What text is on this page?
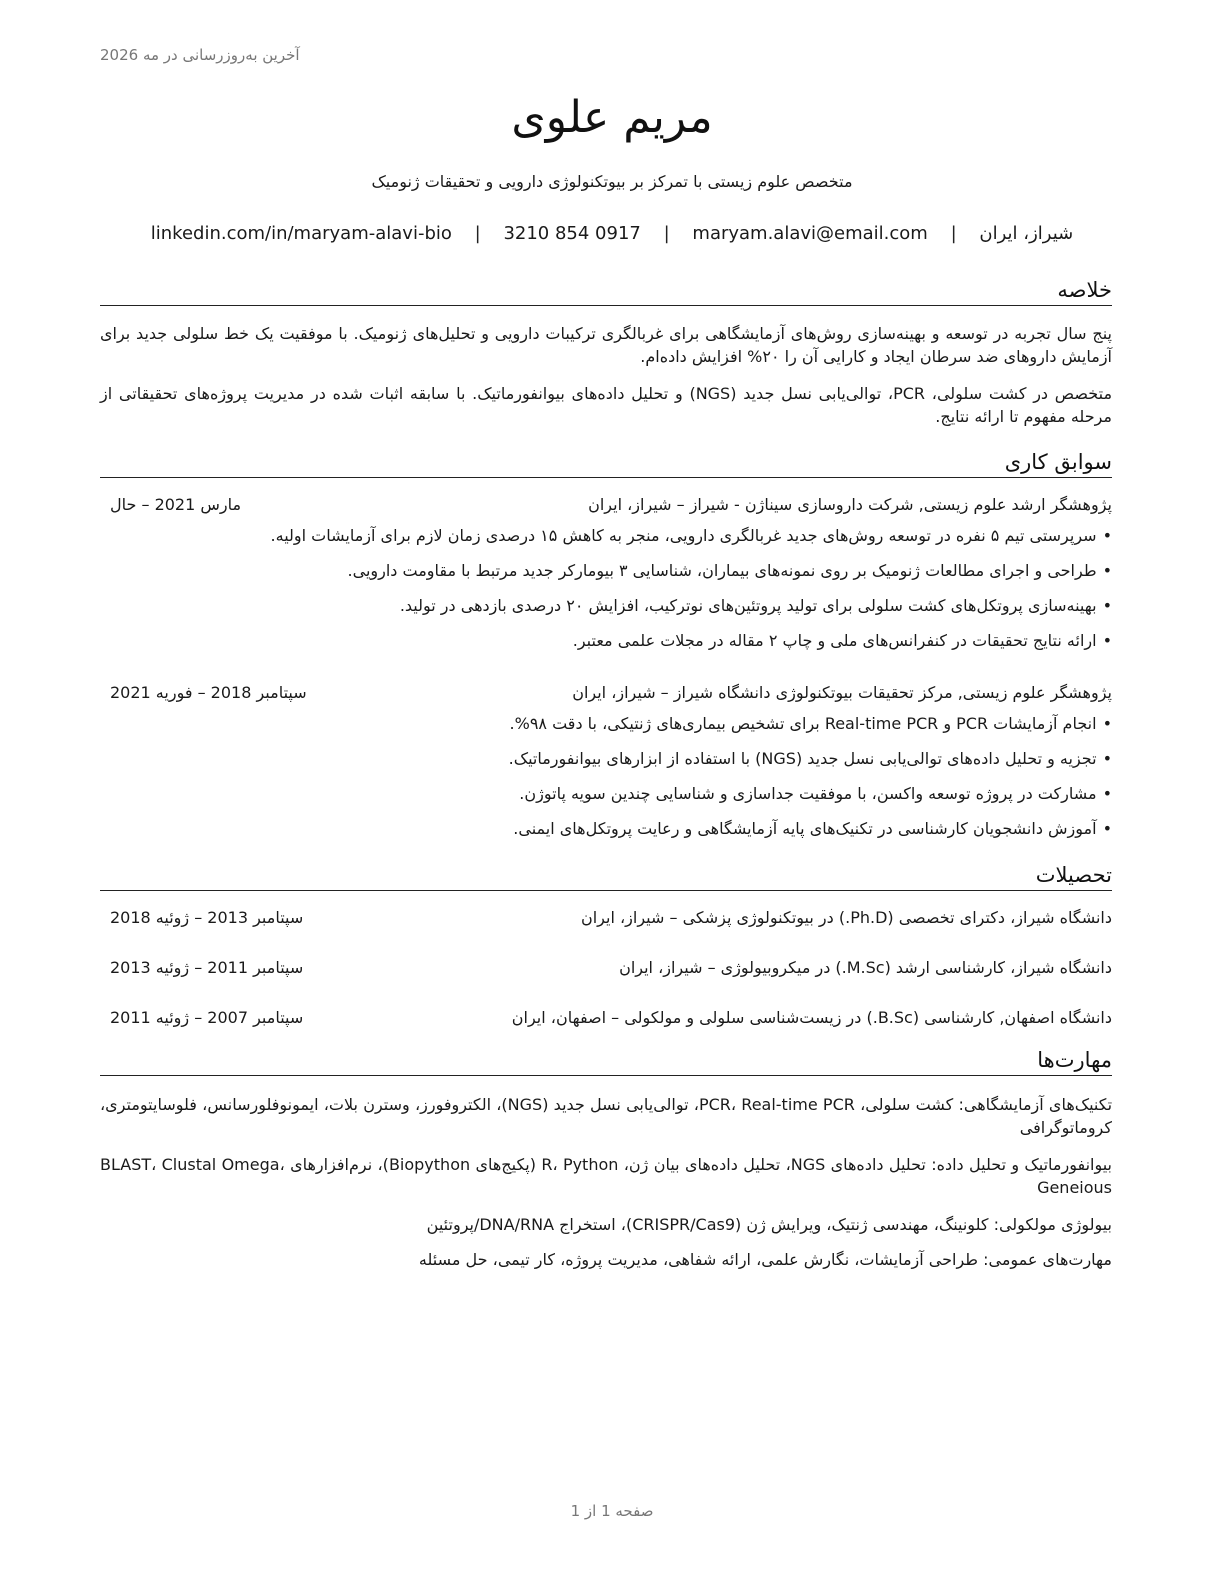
آخرین به‌روزرسانی در مه 2026
مریم علوی
متخصص علوم زیستی با تمرکز بر بیوتکنولوژی دارویی و تحقیقات ژنومیک
شیراز، ایران | maryam.alavi@email.com | 3210 854 0917 | linkedin.com/in/maryam-alavi-bio
خلاصه

پنج سال تجربه در توسعه و بهینه‌سازی روش‌های آزمایشگاهی برای غربالگری ترکیبات دارویی و تحلیل‌های ژنومیک. با موفقیت یک خط سلولی جدید برای آزمایش داروهای ضد سرطان ایجاد و کارایی آن را ۲۰% افزایش داده‌ام.

متخصص در کشت سلولی، PCR، توالی‌یابی نسل جدید (NGS) و تحلیل داده‌های بیوانفورماتیک. با سابقه اثبات شده در مدیریت پروژه‌های تحقیقاتی از مرحله مفهوم تا ارائه نتایج.

سوابق کاری
پژوهشگر ارشد علوم زیستی, شرکت داروسازی سیناژن - شیراز – شیراز، ایران
مارس 2021 – حال
• سرپرستی تیم ۵ نفره در توسعه روش‌های جدید غربالگری دارویی، منجر به کاهش ۱۵ درصدی زمان لازم برای آزمایشات اولیه.
• طراحی و اجرای مطالعات ژنومیک بر روی نمونه‌های بیماران، شناسایی ۳ بیومارکر جدید مرتبط با مقاومت دارویی.
• بهینه‌سازی پروتکل‌های کشت سلولی برای تولید پروتئین‌های نوترکیب، افزایش ۲۰ درصدی بازدهی در تولید.
• ارائه نتایج تحقیقات در کنفرانس‌های ملی و چاپ ۲ مقاله در مجلات علمی معتبر.
پژوهشگر علوم زیستی, مرکز تحقیقات بیوتکنولوژی دانشگاه شیراز – شیراز، ایران
سپتامبر 2018 – فوریه 2021
• انجام آزمایشات PCR و Real-time PCR برای تشخیص بیماری‌های ژنتیکی، با دقت ۹۸%.
• تجزیه و تحلیل داده‌های توالی‌یابی نسل جدید (NGS) با استفاده از ابزارهای بیوانفورماتیک.
• مشارکت در پروژه توسعه واکسن، با موفقیت جداسازی و شناسایی چندین سویه پاتوژن.
• آموزش دانشجویان کارشناسی در تکنیک‌های پایه آزمایشگاهی و رعایت پروتکل‌های ایمنی.
تحصیلات
دانشگاه شیراز، دکترای تخصصی (Ph.D.) در بیوتکنولوژی پزشکی – شیراز، ایران
سپتامبر 2013 – ژوئیه 2018
دانشگاه شیراز، کارشناسی ارشد (M.Sc.) در میکروبیولوژی – شیراز، ایران
سپتامبر 2011 – ژوئیه 2013
دانشگاه اصفهان, کارشناسی (B.Sc.) در زیست‌شناسی سلولی و مولکولی – اصفهان، ایران
سپتامبر 2007 – ژوئیه 2011
مهارت‌ها

تکنیک‌های آزمایشگاهی: کشت سلولی، PCR، Real-time PCR، توالی‌یابی نسل جدید (NGS)، الکتروفورز، وسترن بلات، ایمونوفلورسانس، فلوسایتومتری، کروماتوگرافی

بیوانفورماتیک و تحلیل داده: تحلیل داده‌های NGS، تحلیل داده‌های بیان ژن، R، Python (پکیج‌های Biopython)، نرم‌افزارهای BLAST، Clustal Omega، Geneious

بیولوژی مولکولی: کلونینگ، مهندسی ژنتیک، ویرایش ژن (CRISPR/Cas9)، استخراج DNA/RNA/پروتئین

مهارت‌های عمومی: طراحی آزمایشات، نگارش علمی، ارائه شفاهی، مدیریت پروژه، کار تیمی، حل مسئله

صفحه 1 از 1
